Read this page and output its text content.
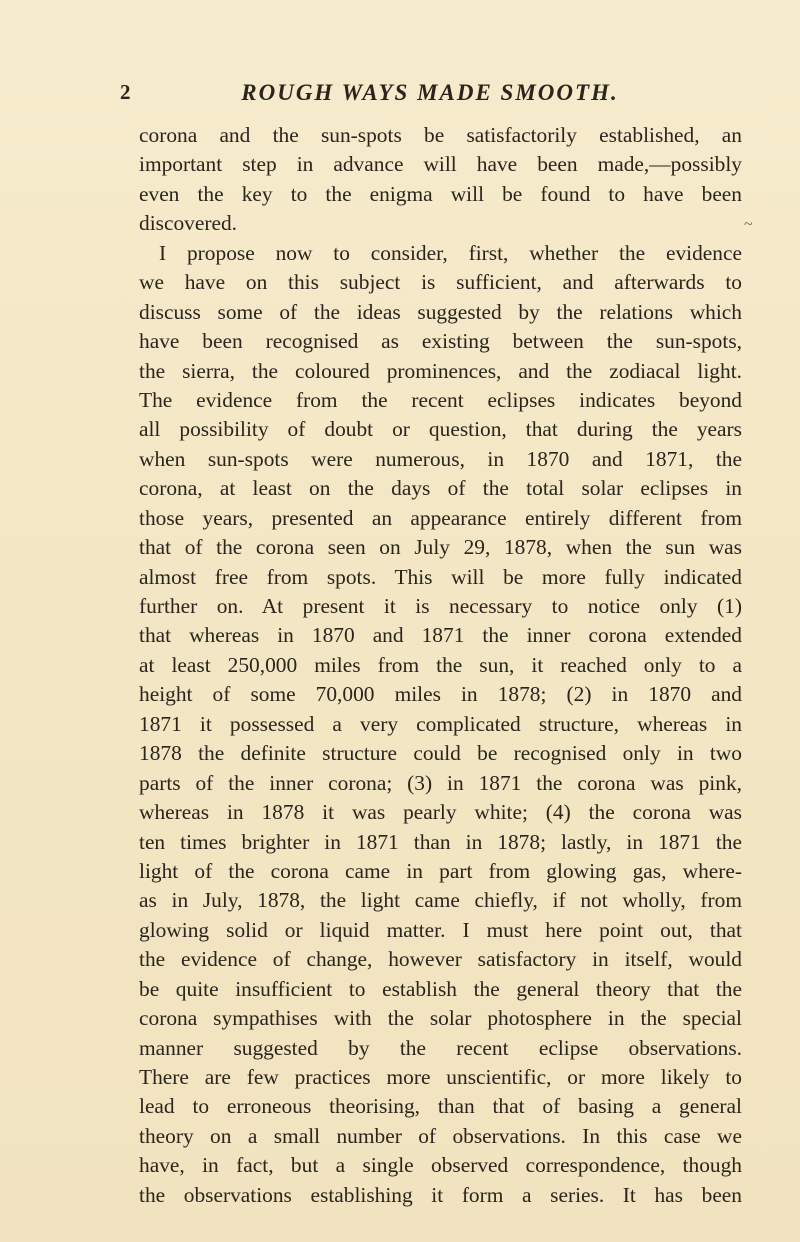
2	ROUGH WAYS MADE SMOOTH.
~
corona and the sun-spots be satisfactorily established, an
important step in advance will have been made,—possibly
even the key to the enigma will be found to have been
discovered.
I propose now to consider, first, whether the evidence
we have on this subject is sufficient, and afterwards to
discuss some of the ideas suggested by the relations which
have been recognised as existing between the sun-spots,
the sierra, the coloured prominences, and the zodiacal light.
The evidence from the recent eclipses indicates beyond
all possibility of doubt or question, that during the years
when sun-spots were numerous, in 1870 and 1871, the
corona, at least on the days of the total solar eclipses in
those years, presented an appearance entirely different from
that of the corona seen on July 29, 1878, when the sun was
almost free from spots. This will be more fully indicated
further on. At present it is necessary to notice only (1)
that whereas in 1870 and 1871 the inner corona extended
at least 250,000 miles from the sun, it reached only to a
height of some 70,000 miles in 1878; (2) in 1870 and
1871 it possessed a very complicated structure, whereas in
1878 the definite structure could be recognised only in two
parts of the inner corona; (3) in 1871 the corona was pink,
whereas in 1878 it was pearly white; (4) the corona was
ten times brighter in 1871 than in 1878; lastly, in 1871 the
light of the corona came in part from glowing gas, where-
as in July, 1878, the light came chiefly, if not wholly, from
glowing solid or liquid matter. I must here point out, that
the evidence of change, however satisfactory in itself, would
be quite insufficient to establish the general theory that the
corona sympathises with the solar photosphere in the special
manner suggested by the recent eclipse observations.
There are few practices more unscientific, or more likely to
lead to erroneous theorising, than that of basing a general
theory on a small number of observations. In this case we
have, in fact, but a single observed correspondence, though
the observations establishing it form a series. It has been
